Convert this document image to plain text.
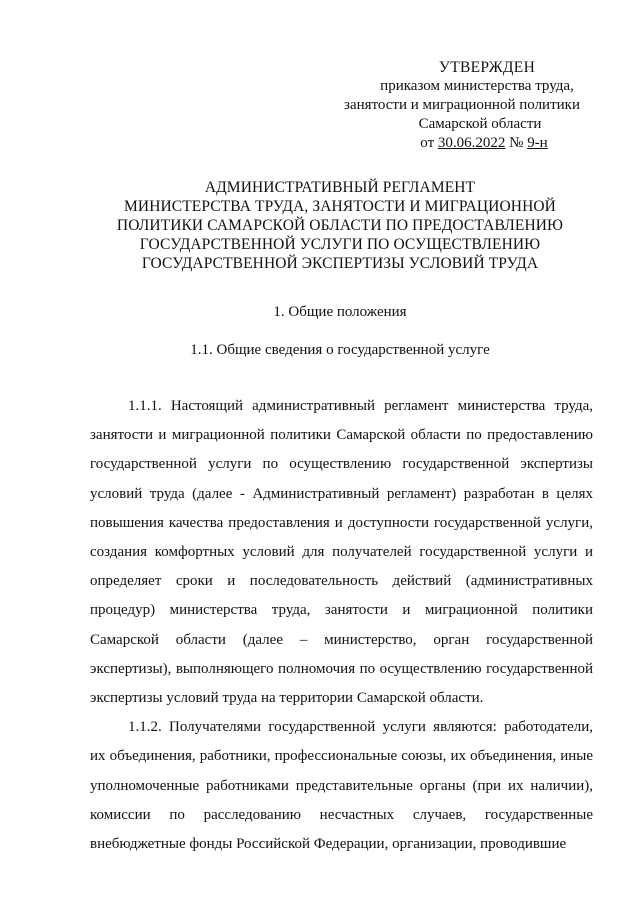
УТВЕРЖДЕН
приказом министерства труда,
занятости и миграционной политики
Самарской области
от 30.06.2022 № 9-н
АДМИНИСТРАТИВНЫЙ РЕГЛАМЕНТ
МИНИСТЕРСТВА ТРУДА, ЗАНЯТОСТИ И МИГРАЦИОННОЙ
ПОЛИТИКИ САМАРСКОЙ ОБЛАСТИ ПО ПРЕДОСТАВЛЕНИЮ
ГОСУДАРСТВЕННОЙ УСЛУГИ ПО ОСУЩЕСТВЛЕНИЮ
ГОСУДАРСТВЕННОЙ ЭКСПЕРТИЗЫ УСЛОВИЙ ТРУДА
1. Общие положения
1.1. Общие сведения о государственной услуге

1.1.1. Настоящий административный регламент министерства труда, занятости и миграционной политики Самарской области по предоставлению государственной услуги по осуществлению государственной экспертизы условий труда (далее - Административный регламент) разработан в целях повышения качества предоставления и доступности государственной услуги, создания комфортных условий для получателей государственной услуги и определяет сроки и последовательность действий (административных процедур) министерства труда, занятости и миграционной политики Самарской области (далее – министерство, орган государственной экспертизы), выполняющего полномочия по осуществлению государственной экспертизы условий труда на территории Самарской области.

1.1.2. Получателями государственной услуги являются: работодатели, их объединения, работники, профессиональные союзы, их объединения, иные уполномоченные работниками представительные органы (при их наличии), комиссии по расследованию несчастных случаев, государственные внебюджетные фонды Российской Федерации, организации, проводившие
